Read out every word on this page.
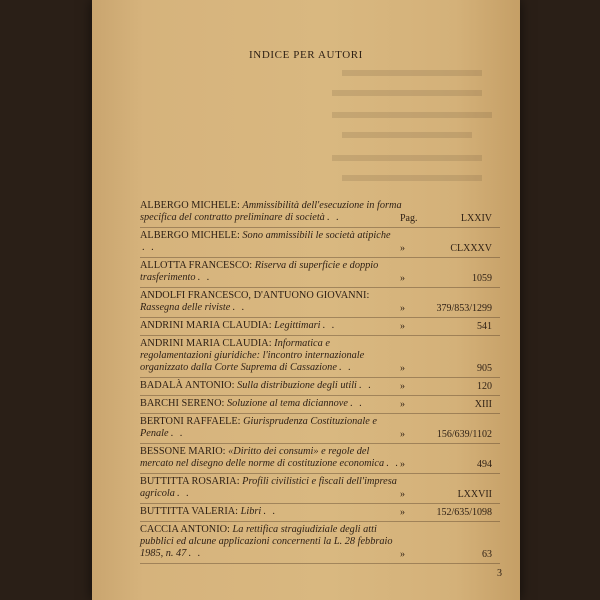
INDICE PER AUTORI
ALBERGO MICHELE: Ammissibilità dell'esecuzione in forma specifica del contratto preliminare di società. .	Pag.	LXXIV
ALBERGO MICHELE: Sono ammissibili le società atipiche. .	»	CLXXXV
ALLOTTA FRANCESCO: Riserva di superficie e doppio trasferimento. .	»	1059
ANDOLFI FRANCESCO, D'ANTUONO GIOVANNI: Rassegna delle riviste. .	»	379/853/1299
ANDRINI MARIA CLAUDIA: Legittimari. .	»	541
ANDRINI MARIA CLAUDIA: Informatica e regolamentazioni giuridiche: l'incontro internazionale organizzato dalla Corte Suprema di Cassazione. .	»	905
BADALÀ ANTONIO: Sulla distribuzione degli utili. .	»	120
BARCHI SERENO: Soluzione al tema diciannove. .	»	XIII
BERTONI RAFFAELE: Giurisprudenza Costituzionale e Penale. .	»	156/639/1102
BESSONE MARIO: «Diritto dei consumi» e regole del mercato nel disegno delle norme di costituzione economica. . »	494
BUTTITTA ROSARIA: Profili civilistici e fiscali dell'impresa agricola. .	»	LXXVII
BUTTITTA VALERIA: Libri. .	»	152/635/1098
CACCIA ANTONIO: La rettifica stragiudiziale degli atti pubblici ed alcune applicazioni concernenti la L. 28 febbraio 1985, n. 47. .	»	63
3
